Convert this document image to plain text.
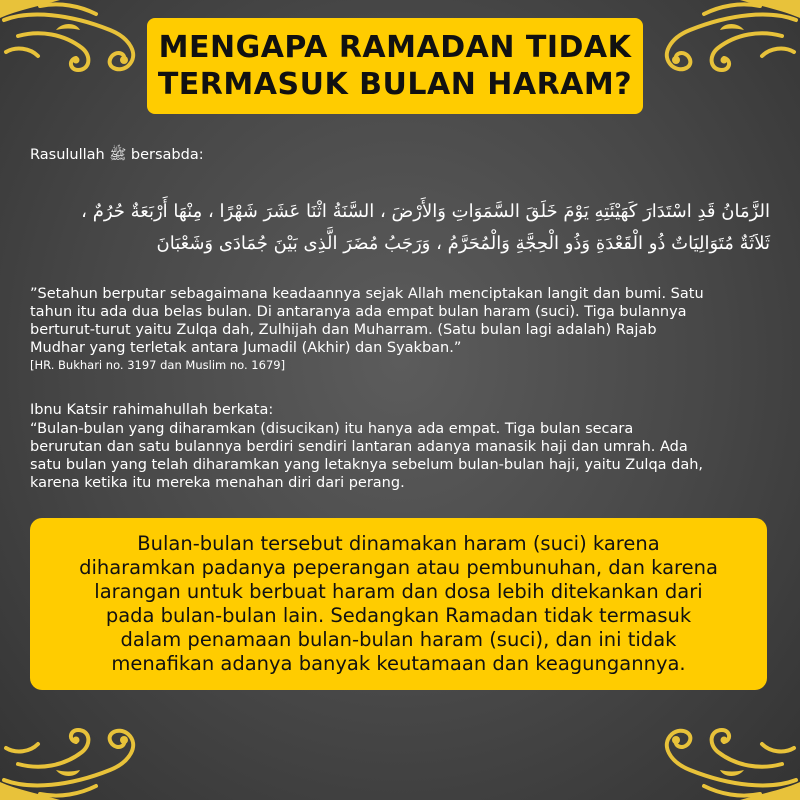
MENGAPA RAMADAN TIDAK
TERMASUK BULAN HARAM?
Rasulullah ﷺ bersabda:
الزَّمَانُ قَدِ اسْتَدَارَ كَهَيْئَتِهِ يَوْمَ خَلَقَ السَّمَوَاتِ وَالأَرْضَ ، السَّنَةُ اثْنَا عَشَرَ شَهْرًا ، مِنْهَا أَرْبَعَةٌ حُرُمٌ ،
ثَلاَثَةٌ مُتَوَالِيَاتٌ ذُو الْقَعْدَةِ وَذُو الْحِجَّةِ وَالْمُحَرَّمُ ، وَرَجَبُ مُضَرَ الَّذِى بَيْنَ جُمَادَى وَشَعْبَانَ
”Setahun berputar sebagaimana keadaannya sejak Allah menciptakan langit dan bumi. Satu
tahun itu ada dua belas bulan. Di antaranya ada empat bulan haram (suci). Tiga bulannya
berturut-turut yaitu Zulqa dah, Zulhijah dan Muharram. (Satu bulan lagi adalah) Rajab
Mudhar yang terletak antara Jumadil (Akhir) dan Syakban.”
[HR. Bukhari no. 3197 dan Muslim no. 1679]
Ibnu Katsir rahimahullah berkata:
“Bulan-bulan yang diharamkan (disucikan) itu hanya ada empat. Tiga bulan secara
berurutan dan satu bulannya berdiri sendiri lantaran adanya manasik haji dan umrah. Ada
satu bulan yang telah diharamkan yang letaknya sebelum bulan-bulan haji, yaitu Zulqa dah,
karena ketika itu mereka menahan diri dari perang.
Bulan-bulan tersebut dinamakan haram (suci) karena
diharamkan padanya peperangan atau pembunuhan, dan karena
larangan untuk berbuat haram dan dosa lebih ditekankan dari
pada bulan-bulan lain. Sedangkan Ramadan tidak termasuk
dalam penamaan bulan-bulan haram (suci), dan ini tidak
menafikan adanya banyak keutamaan dan keagungannya.
